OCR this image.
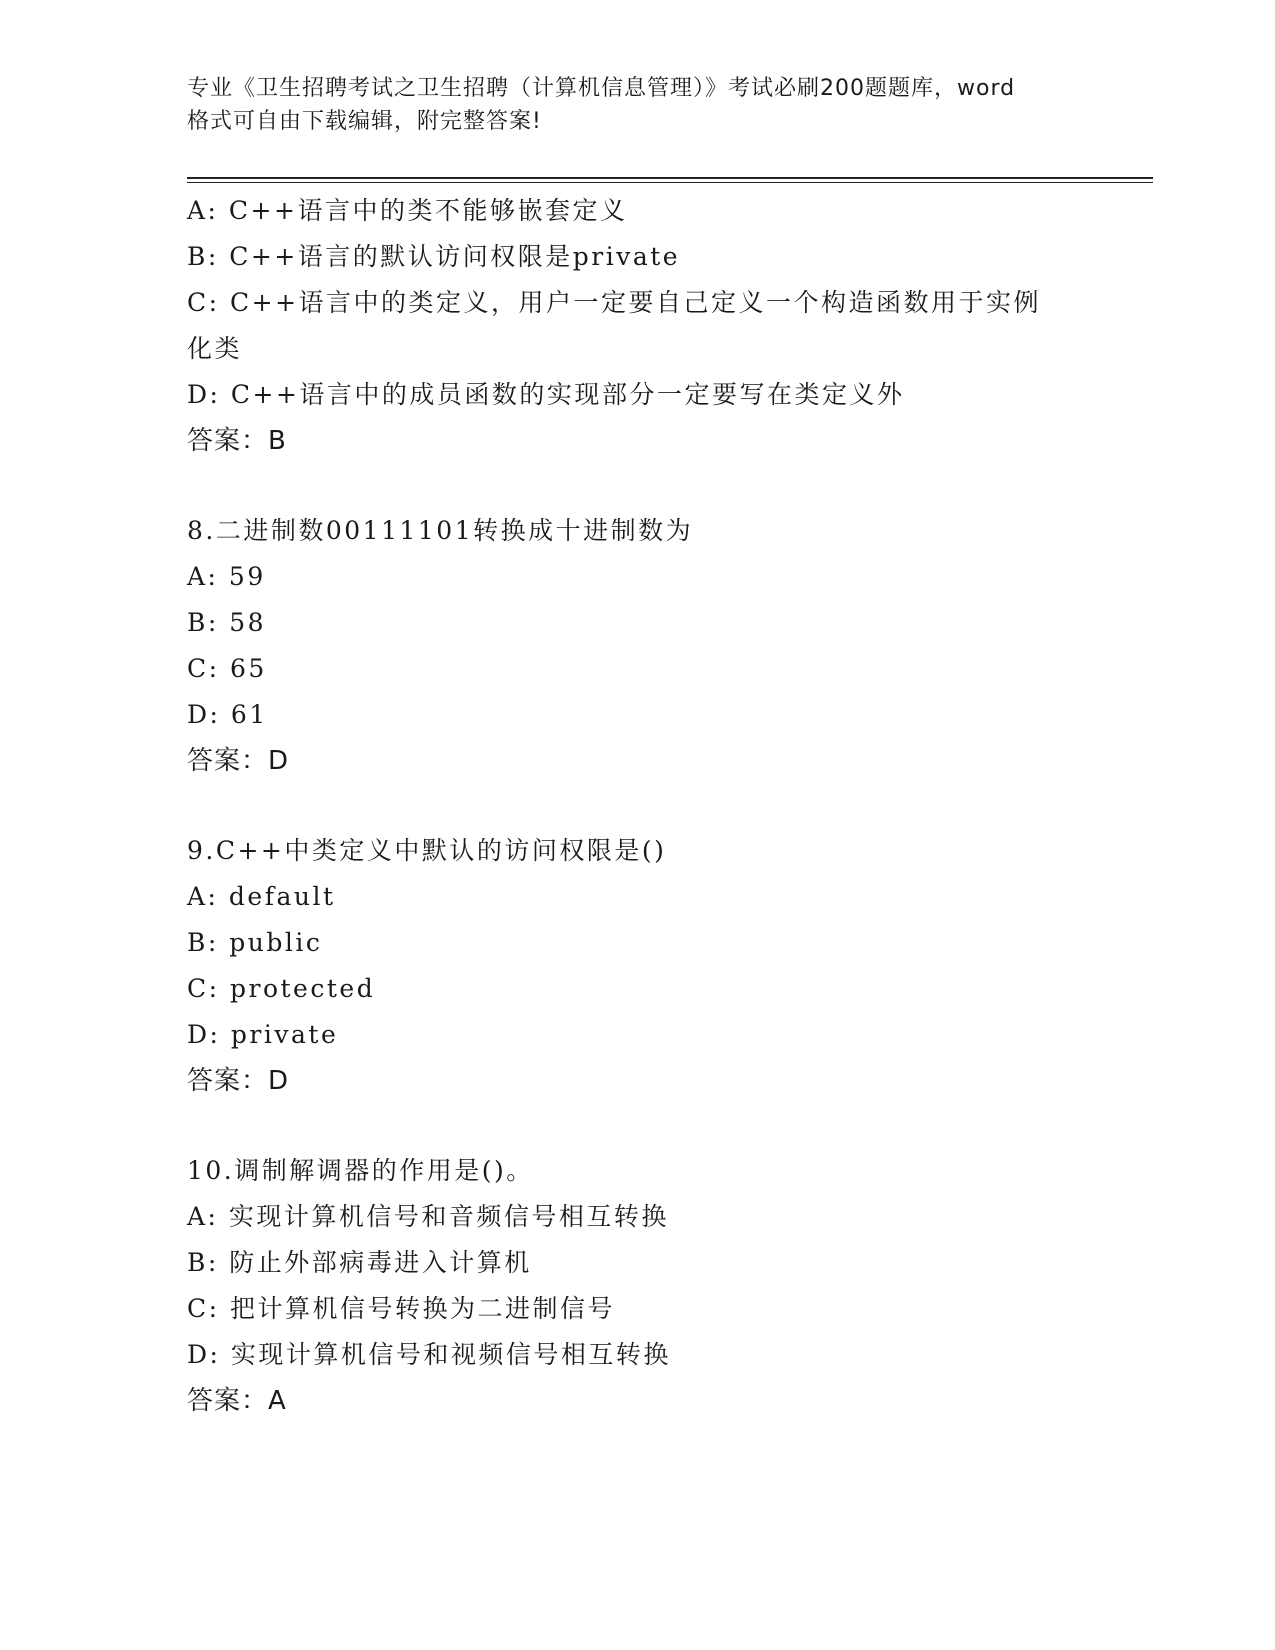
专业《卫生招聘考试之卫生招聘（计算机信息管理）》考试必刷200题题库，word
格式可自由下载编辑，附完整答案!
A: C++语言中的类不能够嵌套定义
B: C++语言的默认访问权限是private
C: C++语言中的类定义，用户一定要自己定义一个构造函数用于实例
化类
D: C++语言中的成员函数的实现部分一定要写在类定义外
答案：B
8.二进制数00111101转换成十进制数为
A: 59
B: 58
C: 65
D: 61
答案：D
9.C++中类定义中默认的访问权限是()
A: default
B: public
C: protected
D: private
答案：D
10.调制解调器的作用是()。
A: 实现计算机信号和音频信号相互转换
B: 防止外部病毒进入计算机
C: 把计算机信号转换为二进制信号
D: 实现计算机信号和视频信号相互转换
答案：A
